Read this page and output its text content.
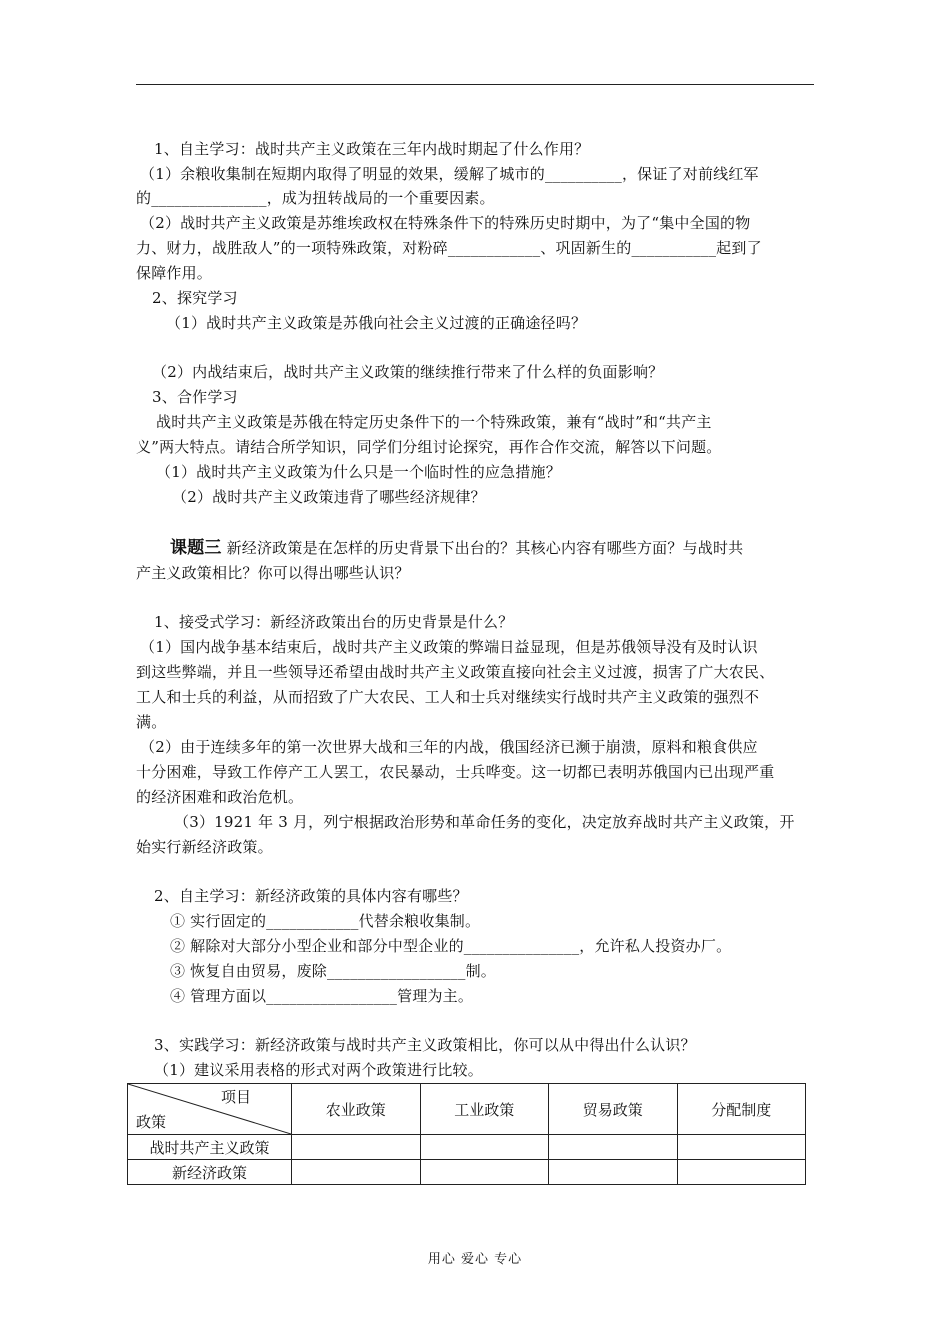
1、自主学习：战时共产主义政策在三年内战时期起了什么作用？
（1）余粮收集制在短期内取得了明显的效果，缓解了城市的__________，保证了对前线红军
的_______________，成为扭转战局的一个重要因素。
（2）战时共产主义政策是苏维埃政权在特殊条件下的特殊历史时期中，为了“集中全国的物
力、财力，战胜敌人”的一项特殊政策，对粉碎____________、巩固新生的___________起到了
保障作用。
2、探究学习
（1）战时共产主义政策是苏俄向社会主义过渡的正确途径吗？
（2）内战结束后，战时共产主义政策的继续推行带来了什么样的负面影响？
3、合作学习
战时共产主义政策是苏俄在特定历史条件下的一个特殊政策，兼有“战时”和“共产主
义”两大特点。请结合所学知识，同学们分组讨论探究，再作合作交流，解答以下问题。
（1）战时共产主义政策为什么只是一个临时性的应急措施？
（2）战时共产主义政策违背了哪些经济规律？
课题三 新经济政策是在怎样的历史背景下出台的？其核心内容有哪些方面？与战时共
产主义政策相比？你可以得出哪些认识？
1、接受式学习：新经济政策出台的历史背景是什么？
（1）国内战争基本结束后，战时共产主义政策的弊端日益显现，但是苏俄领导没有及时认识
到这些弊端，并且一些领导还希望由战时共产主义政策直接向社会主义过渡，损害了广大农民、
工人和士兵的利益，从而招致了广大农民、工人和士兵对继续实行战时共产主义政策的强烈不
满。
（2）由于连续多年的第一次世界大战和三年的内战，俄国经济已濒于崩溃，原料和粮食供应
十分困难，导致工作停产工人罢工，农民暴动，士兵哗变。这一切都已表明苏俄国内已出现严重
的经济困难和政治危机。
（3）1921 年 3 月，列宁根据政治形势和革命任务的变化，决定放弃战时共产主义政策，开
始实行新经济政策。
2、自主学习：新经济政策的具体内容有哪些？
① 实行固定的____________代替余粮收集制。
② 解除对大部分小型企业和部分中型企业的_______________，允许私人投资办厂。
③ 恢复自由贸易，废除__________________制。
④ 管理方面以_________________管理为主。
3、实践学习：新经济政策与战时共产主义政策相比，你可以从中得出什么认识？
（1）建议采用表格的形式对两个政策进行比较。
项目
政策	农业政策	工业政策	贸易政策	分配制度
战时共产主义政策				
新经济政策				
用心 爱心 专心
